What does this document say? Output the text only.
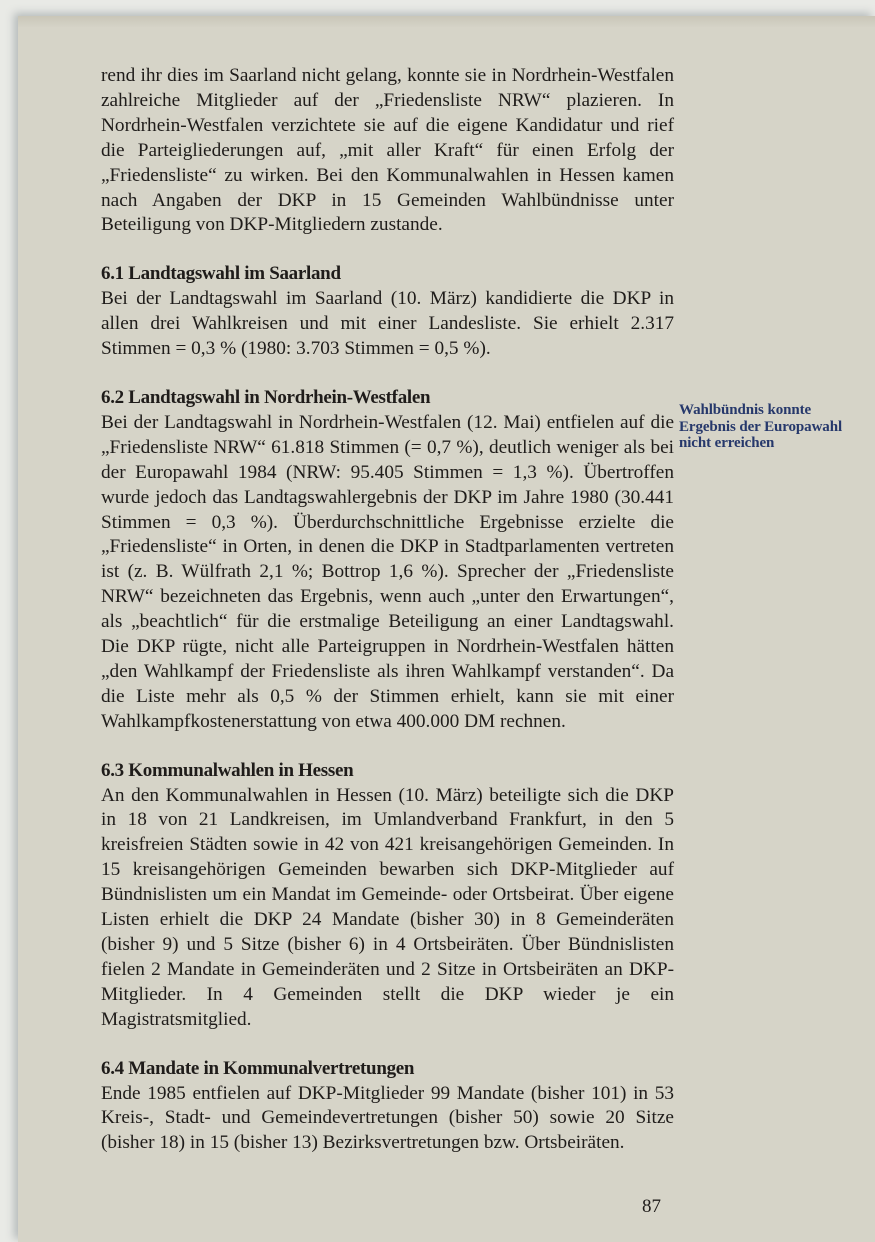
rend ihr dies im Saarland nicht gelang, konnte sie in Nordrhein-Westfalen zahlreiche Mitglieder auf der „Friedensliste NRW“ plazieren. In Nordrhein-Westfalen verzichtete sie auf die eigene Kandidatur und rief die Parteigliederungen auf, „mit aller Kraft“ für einen Erfolg der „Friedensliste“ zu wirken. Bei den Kommunalwahlen in Hessen kamen nach Angaben der DKP in 15 Gemeinden Wahlbündnisse unter Beteiligung von DKP-Mitgliedern zustande.

6.1 Landtagswahl im Saarland

Bei der Landtagswahl im Saarland (10. März) kandidierte die DKP in allen drei Wahlkreisen und mit einer Landesliste. Sie erhielt 2.317 Stimmen = 0,3 % (1980: 3.703 Stimmen = 0,5 %).

6.2 Landtagswahl in Nordrhein-Westfalen

Bei der Landtagswahl in Nordrhein-Westfalen (12. Mai) entfielen auf die „Friedensliste NRW“ 61.818 Stimmen (= 0,7 %), deutlich weniger als bei der Europawahl 1984 (NRW: 95.405 Stimmen = 1,3 %). Übertroffen wurde jedoch das Landtagswahlergebnis der DKP im Jahre 1980 (30.441 Stimmen = 0,3 %). Überdurchschnittliche Ergebnisse erzielte die „Friedensliste“ in Orten, in denen die DKP in Stadtparlamenten vertreten ist (z. B. Wülfrath 2,1 %; Bottrop 1,6 %). Sprecher der „Friedensliste NRW“ bezeichneten das Ergebnis, wenn auch „unter den Erwartungen“, als „beachtlich“ für die erstmalige Beteiligung an einer Landtagswahl. Die DKP rügte, nicht alle Parteigruppen in Nordrhein-Westfalen hätten „den Wahlkampf der Friedensliste als ihren Wahlkampf verstanden“. Da die Liste mehr als 0,5 % der Stimmen erhielt, kann sie mit einer Wahlkampfkostenerstattung von etwa 400.000 DM rechnen.

6.3 Kommunalwahlen in Hessen

An den Kommunalwahlen in Hessen (10. März) beteiligte sich die DKP in 18 von 21 Landkreisen, im Umlandverband Frankfurt, in den 5 kreisfreien Städten sowie in 42 von 421 kreisangehörigen Gemeinden. In 15 kreisangehörigen Gemeinden bewarben sich DKP-Mitglieder auf Bündnislisten um ein Mandat im Gemeinde- oder Ortsbeirat. Über eigene Listen erhielt die DKP 24 Mandate (bisher 30) in 8 Gemeinderäten (bisher 9) und 5 Sitze (bisher 6) in 4 Ortsbeiräten. Über Bündnislisten fielen 2 Mandate in Gemeinderäten und 2 Sitze in Ortsbeiräten an DKP-Mitglieder. In 4 Gemeinden stellt die DKP wieder je ein Magistratsmitglied.

6.4 Mandate in Kommunalvertretungen

Ende 1985 entfielen auf DKP-Mitglieder 99 Mandate (bisher 101) in 53 Kreis-, Stadt- und Gemeindevertretungen (bisher 50) sowie 20 Sitze (bisher 18) in 15 (bisher 13) Bezirksvertretungen bzw. Ortsbeiräten.

Wahlbündnis konnte Ergebnis der Europawahl nicht erreichen
87
